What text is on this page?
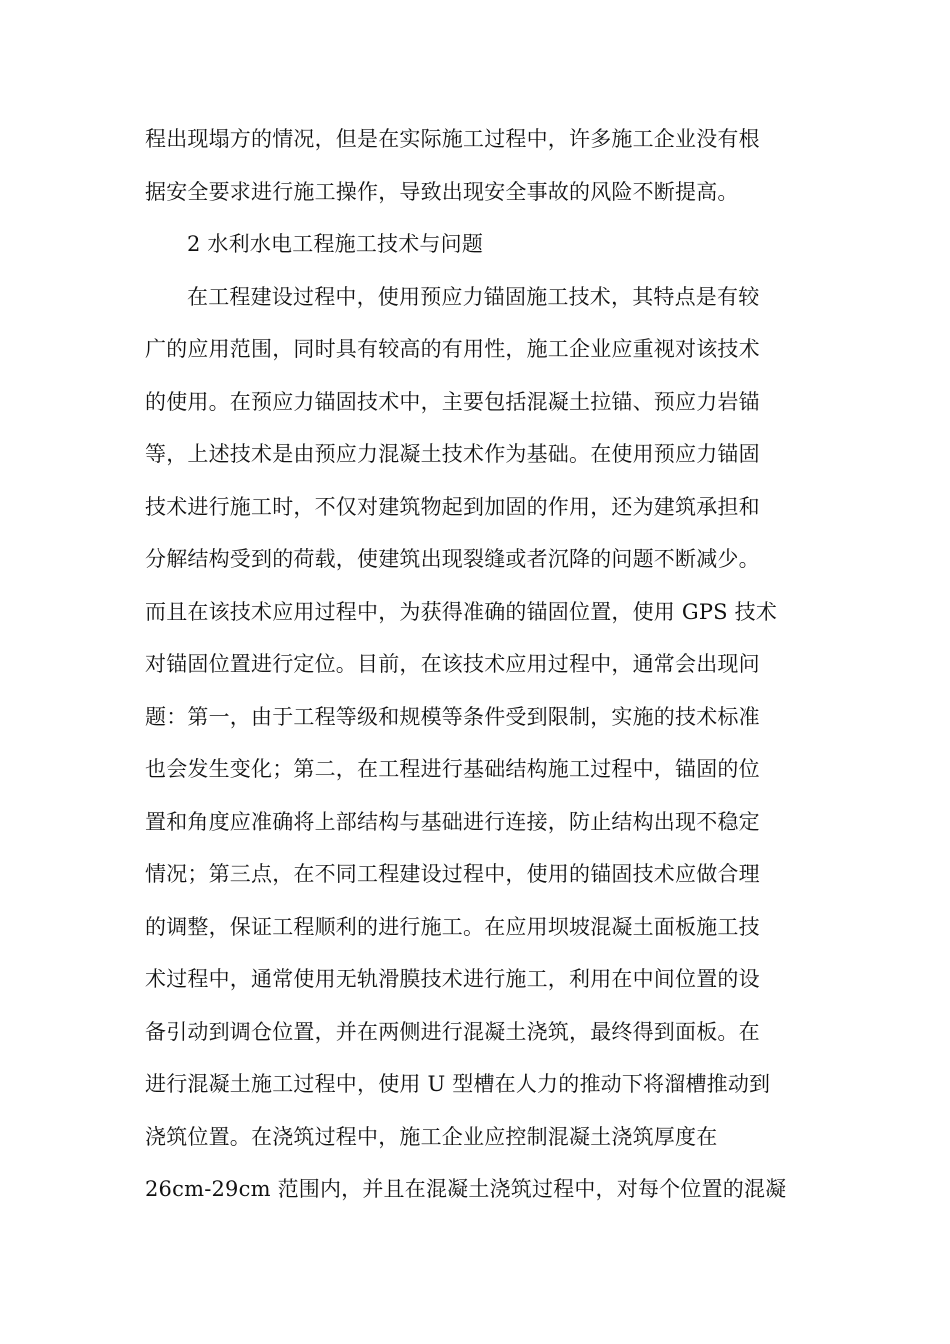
程出现塌方的情况，但是在实际施工过程中，许多施工企业没有根
据安全要求进行施工操作，导致出现安全事故的风险不断提高。
2 水利水电工程施工技术与问题
在工程建设过程中，使用预应力锚固施工技术，其特点是有较
广的应用范围，同时具有较高的有用性，施工企业应重视对该技术
的使用。在预应力锚固技术中，主要包括混凝土拉锚、预应力岩锚
等，上述技术是由预应力混凝土技术作为基础。在使用预应力锚固
技术进行施工时，不仅对建筑物起到加固的作用，还为建筑承担和
分解结构受到的荷载，使建筑出现裂缝或者沉降的问题不断减少。
而且在该技术应用过程中，为获得准确的锚固位置，使用 GPS 技术
对锚固位置进行定位。目前，在该技术应用过程中，通常会出现问
题：第一，由于工程等级和规模等条件受到限制，实施的技术标准
也会发生变化；第二，在工程进行基础结构施工过程中，锚固的位
置和角度应准确将上部结构与基础进行连接，防止结构出现不稳定
情况；第三点，在不同工程建设过程中，使用的锚固技术应做合理
的调整，保证工程顺利的进行施工。在应用坝坡混凝土面板施工技
术过程中，通常使用无轨滑膜技术进行施工，利用在中间位置的设
备引动到调仓位置，并在两侧进行混凝土浇筑，最终得到面板。在
进行混凝土施工过程中，使用 U 型槽在人力的推动下将溜槽推动到
浇筑位置。在浇筑过程中，施工企业应控制混凝土浇筑厚度在
26cm-29cm 范围内，并且在混凝土浇筑过程中，对每个位置的混凝
